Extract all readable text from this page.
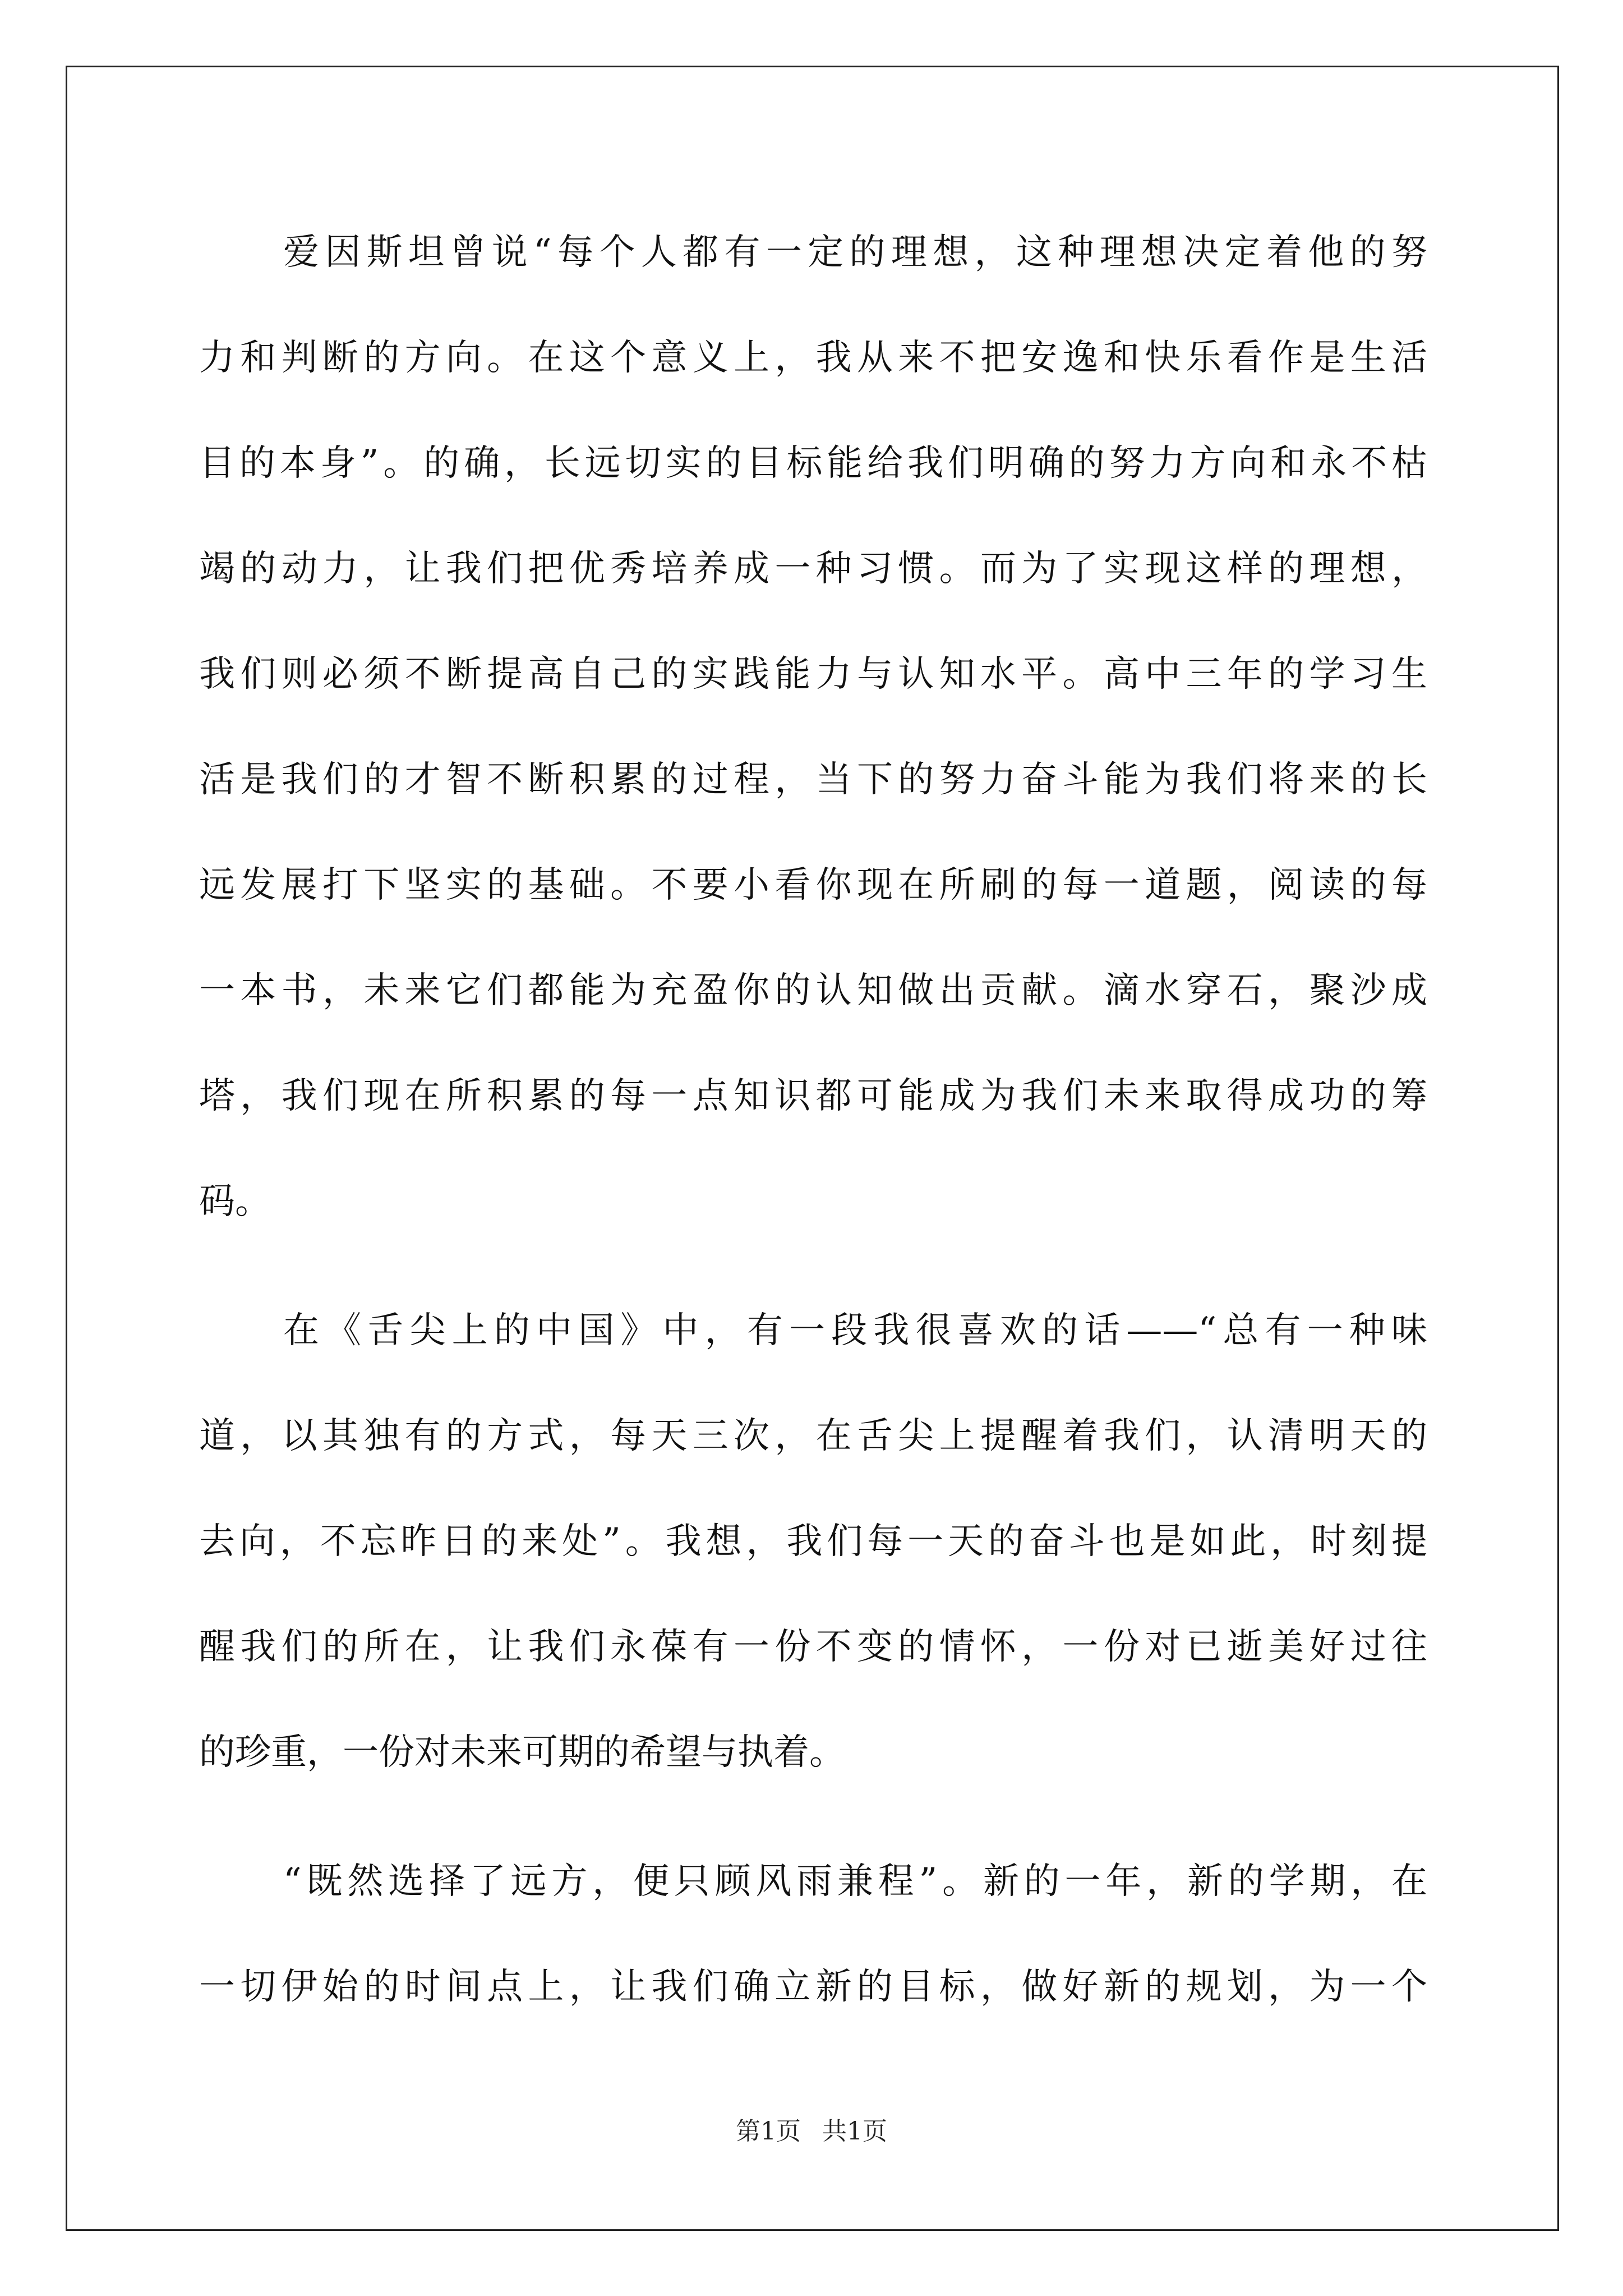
爱因斯坦曾说“每个人都有一定的理想，这种理想决定着他的努
力和判断的方向。在这个意义上，我从来不把安逸和快乐看作是生活
目的本身”。的确，长远切实的目标能给我们明确的努力方向和永不枯
竭的动力，让我们把优秀培养成一种习惯。而为了实现这样的理想，
我们则必须不断提高自己的实践能力与认知水平。高中三年的学习生
活是我们的才智不断积累的过程，当下的努力奋斗能为我们将来的长
远发展打下坚实的基础。不要小看你现在所刷的每一道题，阅读的每
一本书，未来它们都能为充盈你的认知做出贡献。滴水穿石，聚沙成
塔，我们现在所积累的每一点知识都可能成为我们未来取得成功的筹
码。
在《舌尖上的中国》中，有一段我很喜欢的话——“总有一种味
道，以其独有的方式，每天三次，在舌尖上提醒着我们，认清明天的
去向，不忘昨日的来处”。我想，我们每一天的奋斗也是如此，时刻提
醒我们的所在，让我们永葆有一份不变的情怀，一份对已逝美好过往
的珍重，一份对未来可期的希望与执着。
“既然选择了远方，便只顾风雨兼程”。新的一年，新的学期，在
一切伊始的时间点上，让我们确立新的目标，做好新的规划，为一个
第1页 共1页
